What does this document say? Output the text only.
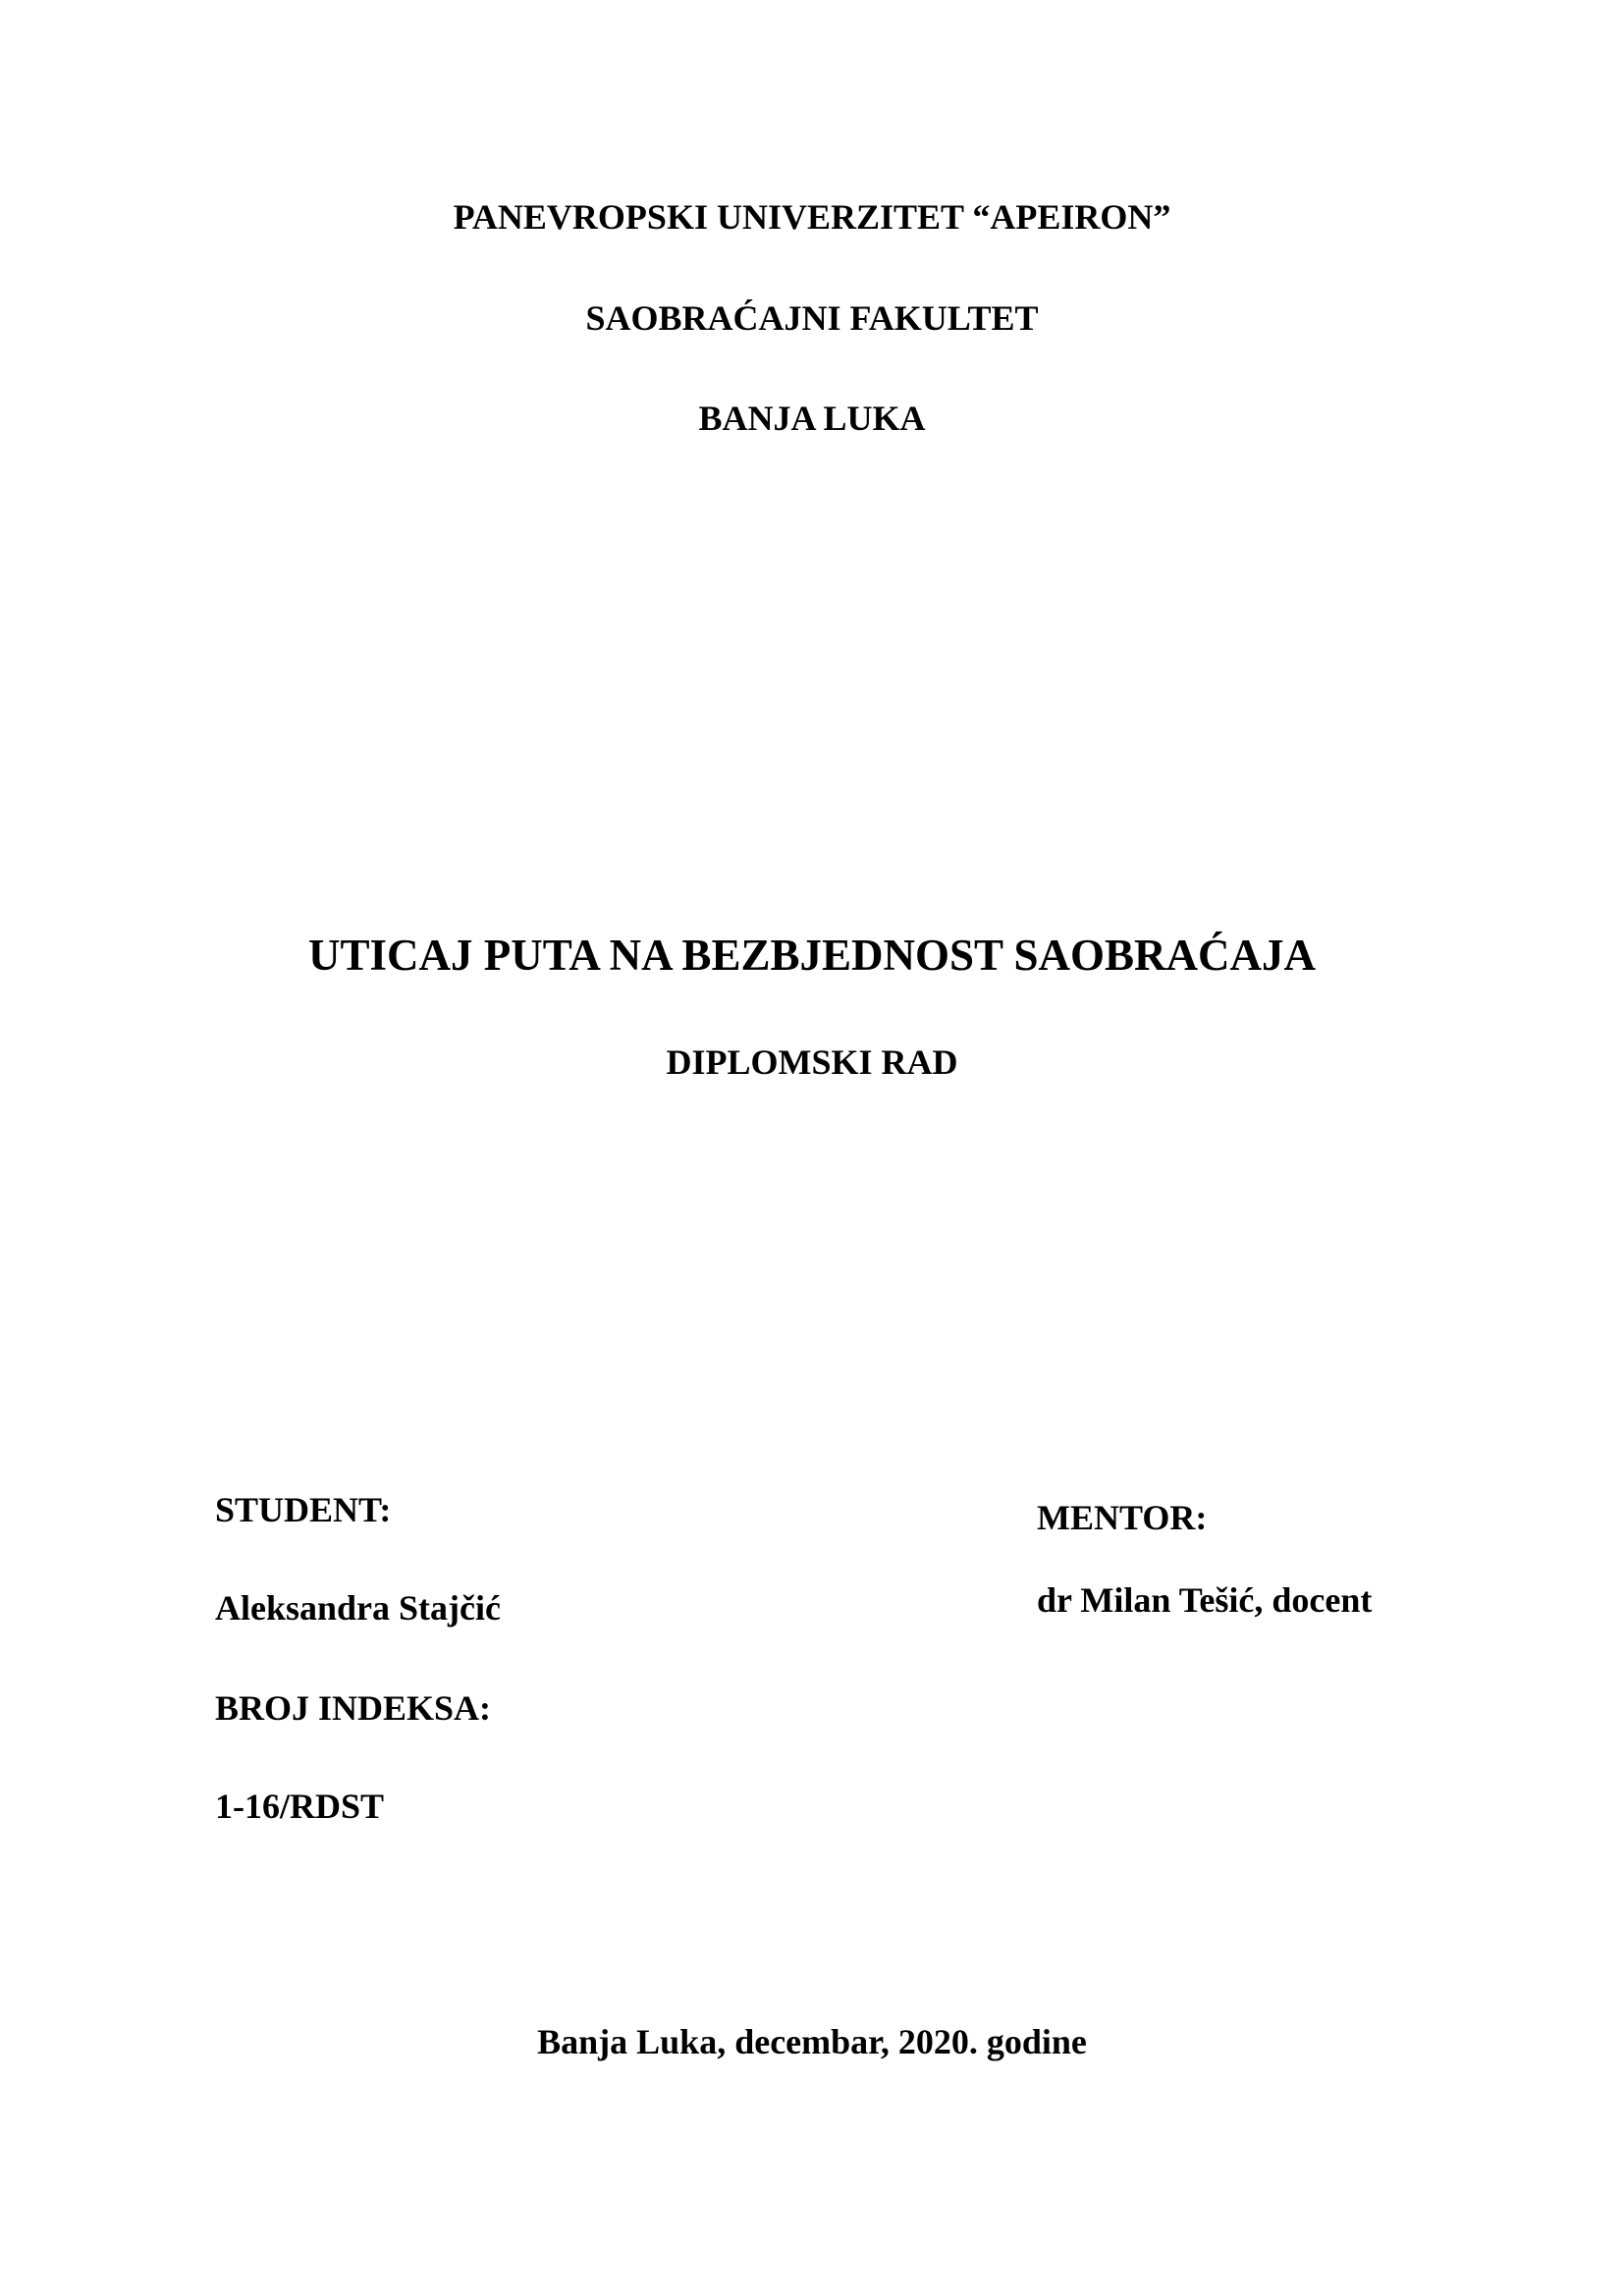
PANEVROPSKI UNIVERZITET “APEIRON”
SAOBRAĆAJNI FAKULTET
BANJA LUKA
UTICAJ PUTA NA BEZBJEDNOST SAOBRAĆAJA
DIPLOMSKI RAD
STUDENT:
Aleksandra Stajčić
BROJ INDEKSA:
1-16/RDST
MENTOR:
dr Milan Tešić, docent
Banja Luka, decembar, 2020. godine
